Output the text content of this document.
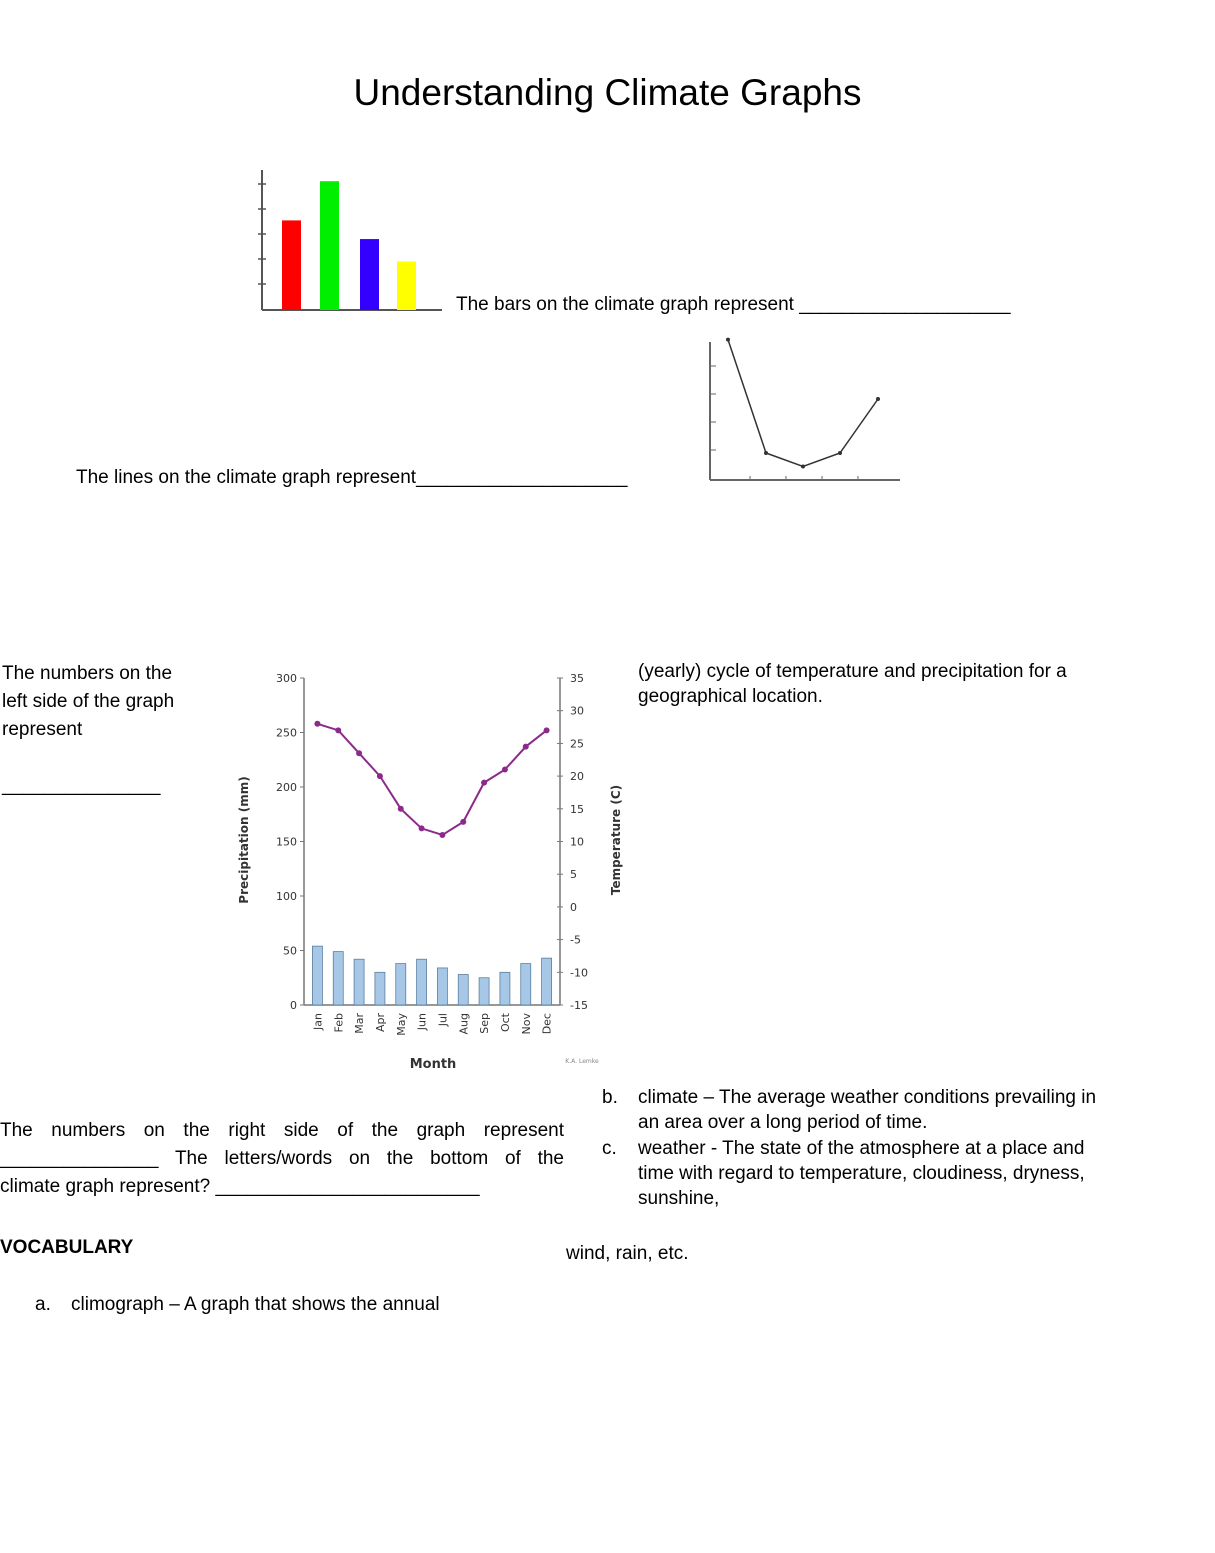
Understanding Climate Graphs
The bars on the climate graph represent ____________________
The lines on the climate graph represent____________________
The numbers on the
left side of the graph
represent
_______________
0
50
100
150
200
250
300
-15
-10
-5
0
5
10
15
20
25
30
35
Jan Feb Mar Apr May Jun Jul Aug Sep Oct Nov Dec
Precipitation (mm)	Temperature (C)
Month	K.A. Lemke
The numbers on the right side of the graph represent
_______________ The letters/words on the bottom of the
climate graph represent? _________________________
VOCABULARY
a.	climograph – A graph that shows the annual
(yearly) cycle of temperature and precipitation for a geographical location.
b.	climate – The average weather conditions prevailing in an area over a long period of time.
c.	weather - The state of the atmosphere at a place and time with regard to temperature, cloudiness, dryness, sunshine,
wind, rain, etc.
